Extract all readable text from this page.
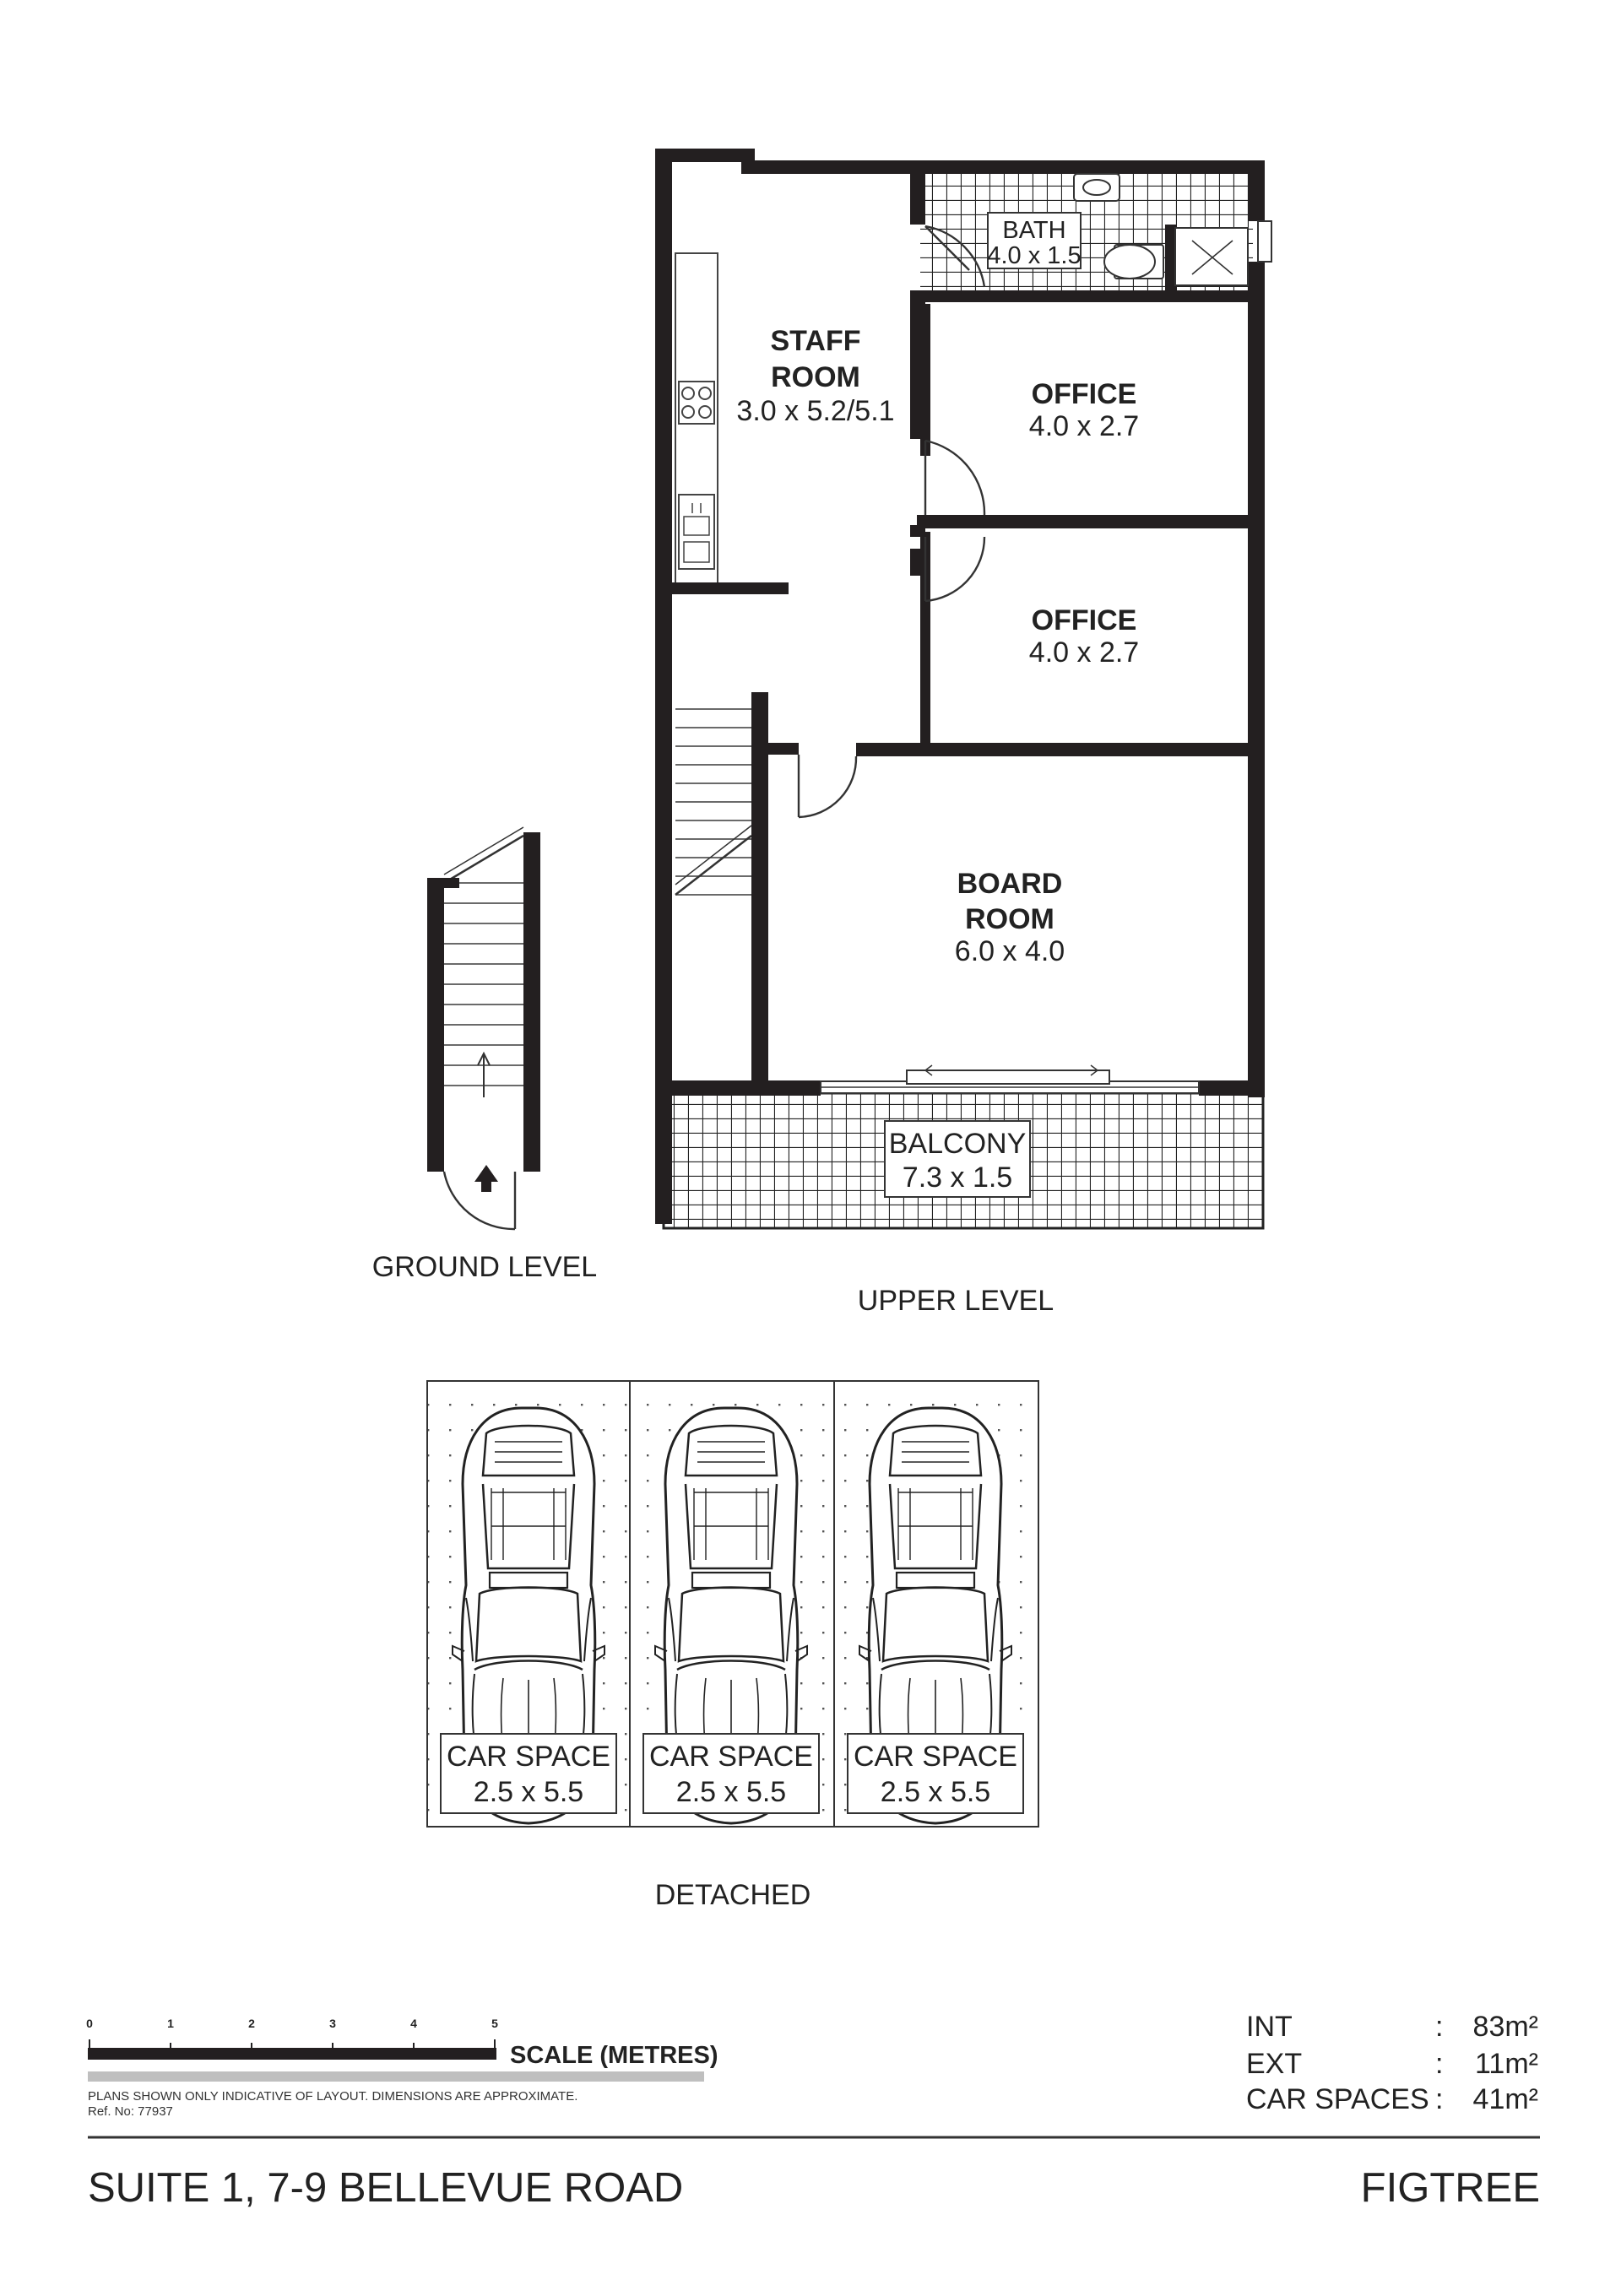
BATH
4.0 x 1.5
STAFF
ROOM
3.0 x 5.2/5.1
OFFICE
4.0 x 2.7
OFFICE
4.0 x 2.7
BOARD
ROOM
6.0 x 4.0
BALCONY
7.3 x 1.5
GROUND LEVEL
UPPER LEVEL
CAR SPACE
2.5 x 5.5
CAR SPACE
2.5 x 5.5
CAR SPACE
2.5 x 5.5
DETACHED
0	1	2	3	4	5
SCALE (METRES)
PLANS SHOWN ONLY INDICATIVE OF LAYOUT. DIMENSIONS ARE APPROXIMATE.
Ref. No: 77937
INT	: 83m²
EXT	: 11m²
CAR SPACES : 41m²
SUITE 1, 7-9 BELLEVUE ROAD	FIGTREE
